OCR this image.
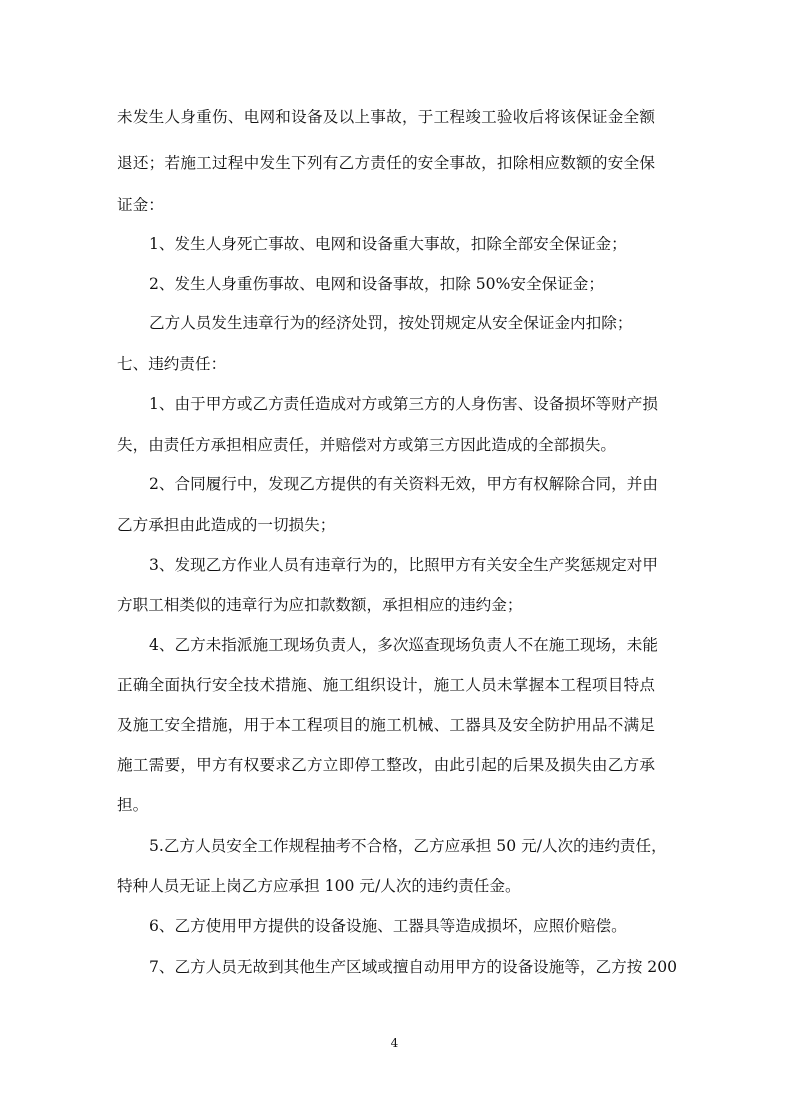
未发生人身重伤、电网和设备及以上事故，于工程竣工验收后将该保证金全额
退还；若施工过程中发生下列有乙方责任的安全事故，扣除相应数额的安全保
证金：
1、发生人身死亡事故、电网和设备重大事故，扣除全部安全保证金；
2、发生人身重伤事故、电网和设备事故，扣除 50%安全保证金；
乙方人员发生违章行为的经济处罚，按处罚规定从安全保证金内扣除；
七、违约责任：
1、由于甲方或乙方责任造成对方或第三方的人身伤害、设备损坏等财产损
失，由责任方承担相应责任，并赔偿对方或第三方因此造成的全部损失。
2、合同履行中，发现乙方提供的有关资料无效，甲方有权解除合同，并由
乙方承担由此造成的一切损失；
3、发现乙方作业人员有违章行为的，比照甲方有关安全生产奖惩规定对甲
方职工相类似的违章行为应扣款数额，承担相应的违约金；
4、乙方未指派施工现场负责人，多次巡查现场负责人不在施工现场，未能
正确全面执行安全技术措施、施工组织设计，施工人员未掌握本工程项目特点
及施工安全措施，用于本工程项目的施工机械、工器具及安全防护用品不满足
施工需要，甲方有权要求乙方立即停工整改，由此引起的后果及损失由乙方承
担。
5.乙方人员安全工作规程抽考不合格，乙方应承担 50 元/人次的违约责任，
特种人员无证上岗乙方应承担 100 元/人次的违约责任金。
6、乙方使用甲方提供的设备设施、工器具等造成损坏，应照价赔偿。
7、乙方人员无故到其他生产区域或擅自动用甲方的设备设施等，乙方按 200
4
